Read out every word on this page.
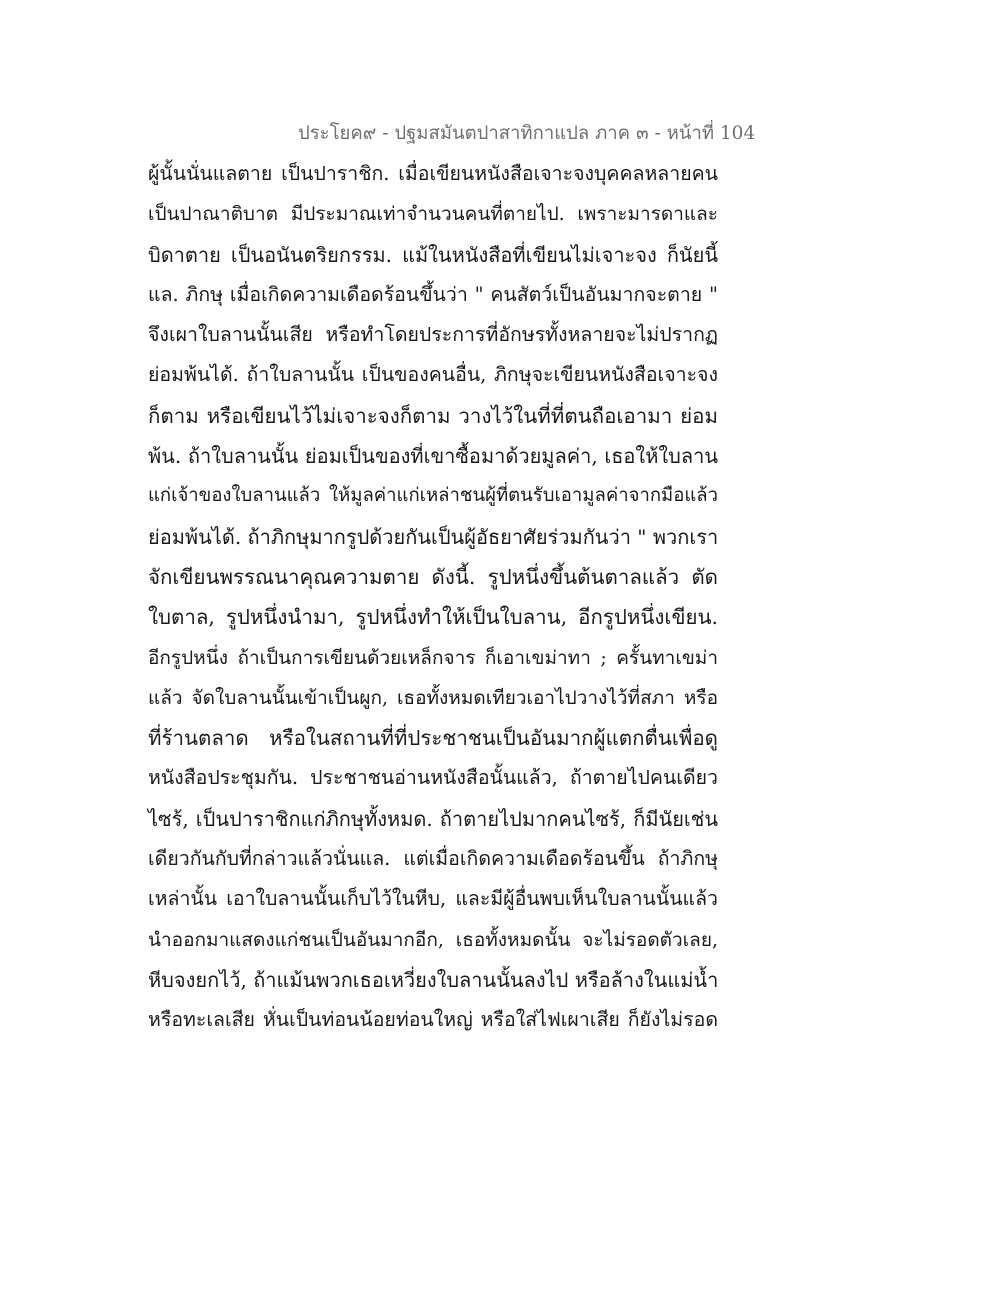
ประโยค๙ - ปฐมสมันตปาสาทิกาแปล ภาค ๓ - หน้าที่ 104
ผู้นั้นนั่นแลตาย เป็นปาราชิก. เมื่อเขียนหนังสือเจาะจงบุคคลหลายคน
เป็นปาณาติบาต มีประมาณเท่าจำนวนคนที่ตายไป. เพราะมารดาและ
บิดาตาย เป็นอนันตริยกรรม. แม้ในหนังสือที่เขียนไม่เจาะจง ก็นัยนี้
แล. ภิกษุ เมื่อเกิดความเดือดร้อนขึ้นว่า " คนสัตว์เป็นอันมากจะตาย "
จึงเผาใบลานนั้นเสีย หรือทำโดยประการที่อักษรทั้งหลายจะไม่ปรากฏ
ย่อมพ้นได้. ถ้าใบลานนั้น เป็นของคนอื่น, ภิกษุจะเขียนหนังสือเจาะจง
ก็ตาม หรือเขียนไว้ไม่เจาะจงก็ตาม วางไว้ในที่ที่ตนถือเอามา ย่อม
พ้น. ถ้าใบลานนั้น ย่อมเป็นของที่เขาซื้อมาด้วยมูลค่า, เธอให้ใบลาน
แก่เจ้าของใบลานแล้ว ให้มูลค่าแก่เหล่าชนผู้ที่ตนรับเอามูลค่าจากมือแล้ว
ย่อมพ้นได้. ถ้าภิกษุมากรูปด้วยกันเป็นผู้อัธยาศัยร่วมกันว่า " พวกเรา
จักเขียนพรรณนาคุณความตาย ดังนี้. รูปหนึ่งขึ้นต้นตาลแล้ว ตัด
ใบตาล, รูปหนึ่งนำมา, รูปหนึ่งทำให้เป็นใบลาน, อีกรูปหนึ่งเขียน.
อีกรูปหนึ่ง ถ้าเป็นการเขียนด้วยเหล็กจาร ก็เอาเขม่าทา ; ครั้นทาเขม่า
แล้ว จัดใบลานนั้นเข้าเป็นผูก, เธอทั้งหมดเทียวเอาไปวางไว้ที่สภา หรือ
ที่ร้านตลาด หรือในสถานที่ที่ประชาชนเป็นอันมากผู้แตกตื่นเพื่อดู
หนังสือประชุมกัน. ประชาชนอ่านหนังสือนั้นแล้ว, ถ้าตายไปคนเดียว
ไซร้, เป็นปาราชิกแก่ภิกษุทั้งหมด. ถ้าตายไปมากคนไซร้, ก็มีนัยเช่น
เดียวกันกับที่กล่าวแล้วนั่นแล. แต่เมื่อเกิดความเดือดร้อนขึ้น ถ้าภิกษุ
เหล่านั้น เอาใบลานนั้นเก็บไว้ในหีบ, และมีผู้อื่นพบเห็นใบลานนั้นแล้ว
นำออกมาแสดงแก่ชนเป็นอันมากอีก, เธอทั้งหมดนั้น จะไม่รอดตัวเลย,
หีบจงยกไว้, ถ้าแม้นพวกเธอเหวี่ยงใบลานนั้นลงไป หรือล้างในแม่น้ำ
หรือทะเลเสีย หั่นเป็นท่อนน้อยท่อนใหญ่ หรือใส่ไฟเผาเสีย ก็ยังไม่รอด
